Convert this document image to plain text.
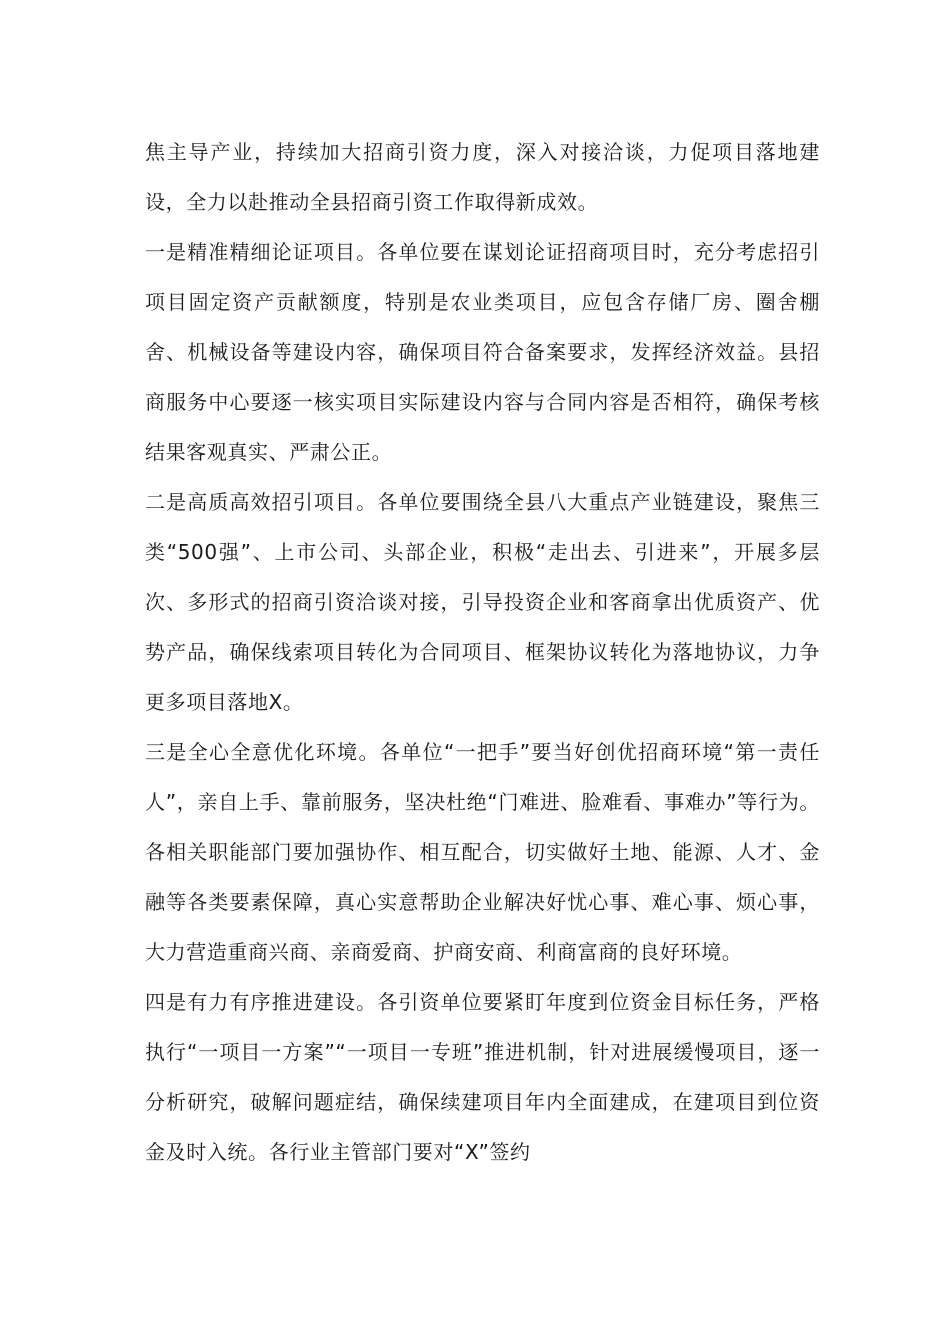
焦主导产业，持续加大招商引资力度，深入对接洽谈，力促项目落地建设，全力以赴推动全县招商引资工作取得新成效。

一是精准精细论证项目。各单位要在谋划论证招商项目时，充分考虑招引项目固定资产贡献额度，特别是农业类项目，应包含存储厂房、圈舍棚舍、机械设备等建设内容，确保项目符合备案要求，发挥经济效益。县招商服务中心要逐一核实项目实际建设内容与合同内容是否相符，确保考核结果客观真实、严肃公正。

二是高质高效招引项目。各单位要围绕全县八大重点产业链建设，聚焦三类“500强”、上市公司、头部企业，积极“走出去、引进来”，开展多层次、多形式的招商引资洽谈对接，引导投资企业和客商拿出优质资产、优势产品，确保线索项目转化为合同项目、框架协议转化为落地协议，力争更多项目落地X。

三是全心全意优化环境。各单位“一把手”要当好创优招商环境“第一责任人”，亲自上手、靠前服务，坚决杜绝“门难进、脸难看、事难办”等行为。各相关职能部门要加强协作、相互配合，切实做好土地、能源、人才、金融等各类要素保障，真心实意帮助企业解决好忧心事、难心事、烦心事，大力营造重商兴商、亲商爱商、护商安商、利商富商的良好环境。

四是有力有序推进建设。各引资单位要紧盯年度到位资金目标任务，严格执行“一项目一方案”“一项目一专班”推进机制，针对进展缓慢项目，逐一分析研究，破解问题症结，确保续建项目年内全面建成，在建项目到位资金及时入统。各行业主管部门要对“X”签约
